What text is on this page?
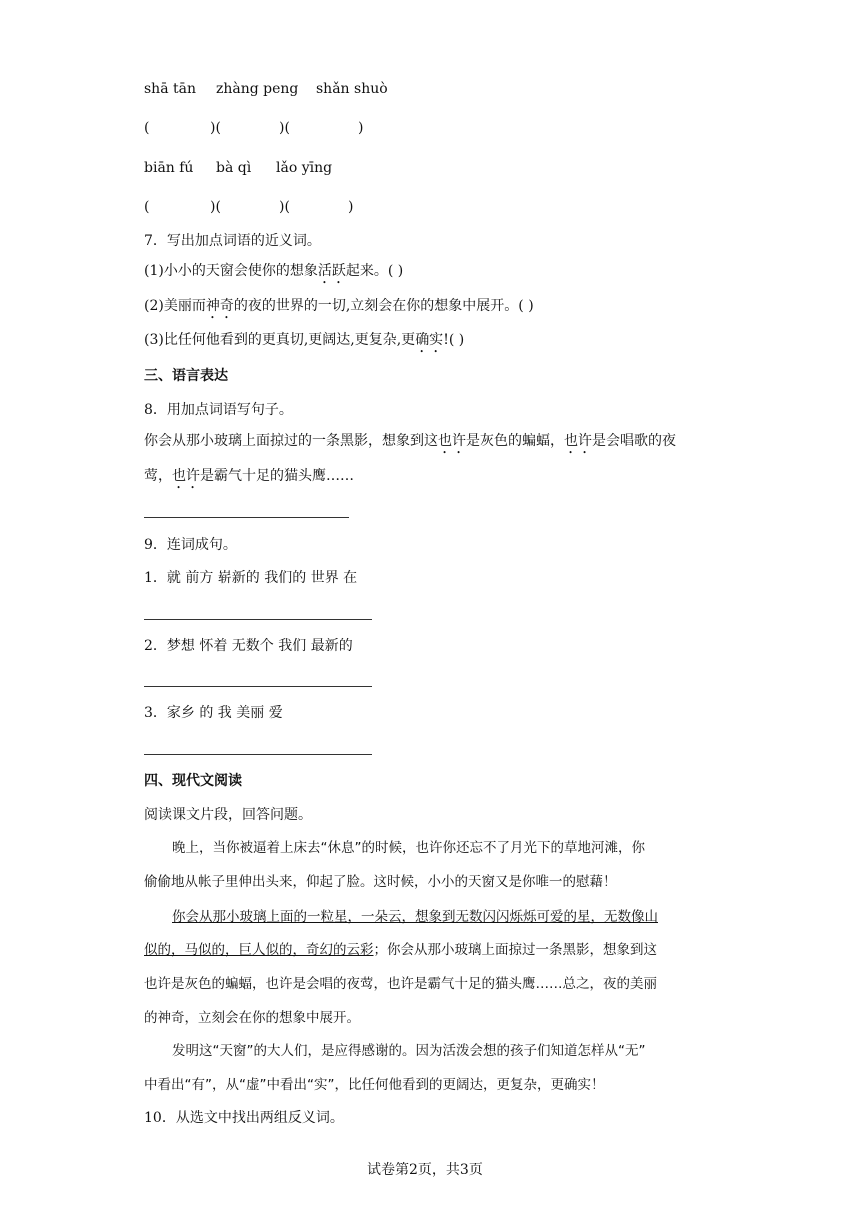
shā tān zhàng peng shǎn shuò
(	)(	)(	)
biān fú bà qì lǎo yīng
(	)(	)(	)
7．写出加点词语的近义词。
(1)小小的天窗会使你的想象活跃起来。( )
(2)美丽而神奇的夜的世界的一切,立刻会在你的想象中展开。( )
(3)比任何他看到的更真切,更阔达,更复杂,更确实!( )
三、语言表达
8．用加点词语写句子。
你会从那小玻璃上面掠过的一条黑影，想象到这也许是灰色的蝙蝠，也许是会唱歌的夜
莺，也许是霸气十足的猫头鹰……
9．连词成句。
1．就 前方 崭新的 我们的 世界 在
2．梦想 怀着 无数个 我们 最新的
3．家乡 的 我 美丽 爱
四、现代文阅读
阅读课文片段，回答问题。
晚上，当你被逼着上床去“休息”的时候，也许你还忘不了月光下的草地河滩，你
偷偷地从帐子里伸出头来，仰起了脸。这时候，小小的天窗又是你唯一的慰藉！
你会从那小玻璃上面的一粒星，一朵云，想象到无数闪闪烁烁可爱的星，无数像山
似的，马似的，巨人似的，奇幻的云彩；你会从那小玻璃上面掠过一条黑影，想象到这
也许是灰色的蝙蝠，也许是会唱的夜莺，也许是霸气十足的猫头鹰……总之，夜的美丽
的神奇，立刻会在你的想象中展开。
发明这“天窗”的大人们，是应得感谢的。因为活泼会想的孩子们知道怎样从“无”
中看出“有”，从“虚”中看出“实”，比任何他看到的更阔达，更复杂，更确实！
10．从选文中找出两组反义词。
试卷第2页，共3页
